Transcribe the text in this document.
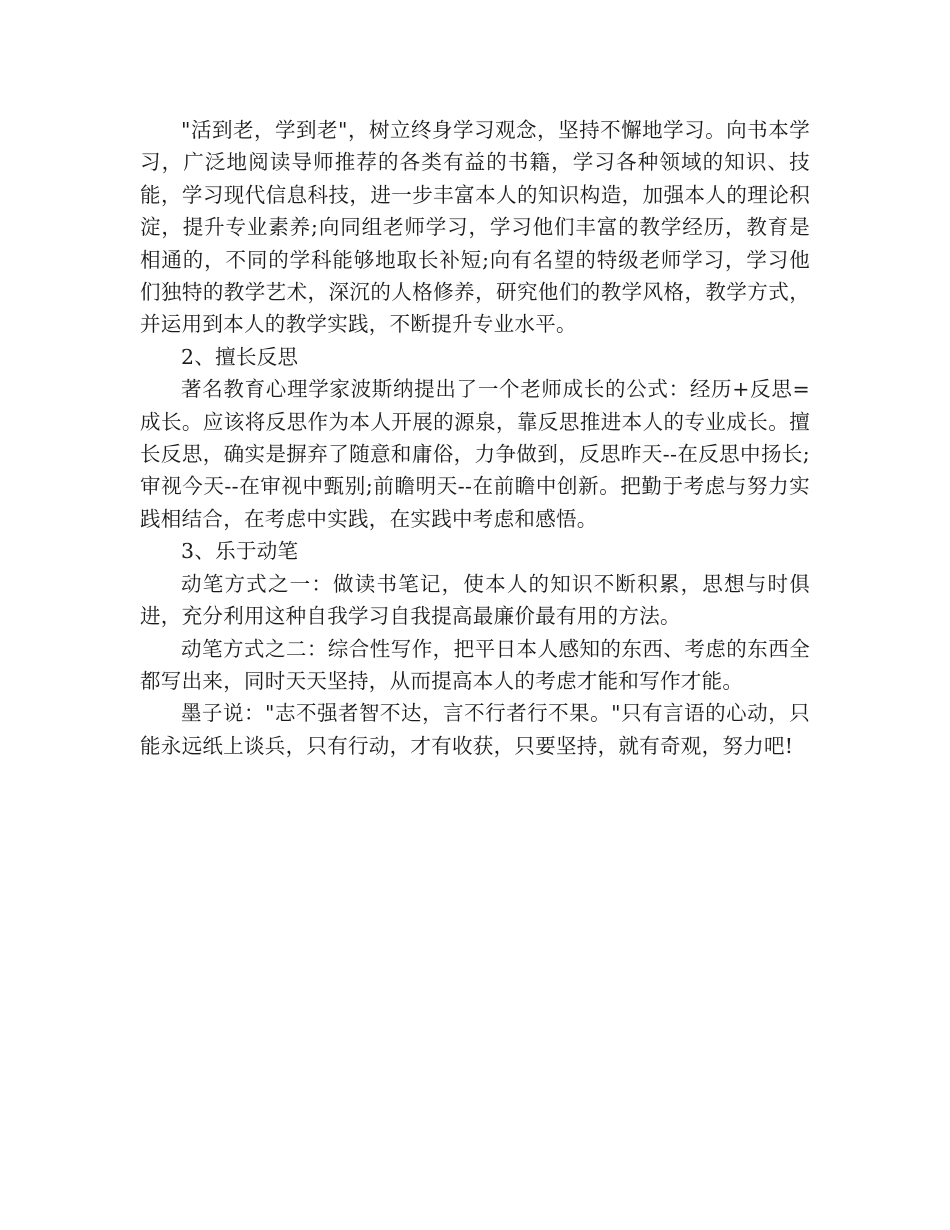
"活到老，学到老"，树立终身学习观念，坚持不懈地学习。向书本学习，广泛地阅读导师推荐的各类有益的书籍，学习各种领域的知识、技能，学习现代信息科技，进一步丰富本人的知识构造，加强本人的理论积淀，提升专业素养;向同组老师学习，学习他们丰富的教学经历，教育是相通的，不同的学科能够地取长补短;向有名望的特级老师学习，学习他们独特的教学艺术，深沉的人格修养，研究他们的教学风格，教学方式，并运用到本人的教学实践，不断提升专业水平。

2、擅长反思

著名教育心理学家波斯纳提出了一个老师成长的公式：经历+反思=成长。应该将反思作为本人开展的源泉，靠反思推进本人的专业成长。擅长反思，确实是摒弃了随意和庸俗，力争做到，反思昨天--在反思中扬长;审视今天--在审视中甄别;前瞻明天--在前瞻中创新。把勤于考虑与努力实践相结合，在考虑中实践，在实践中考虑和感悟。

3、乐于动笔

动笔方式之一：做读书笔记，使本人的知识不断积累，思想与时俱进，充分利用这种自我学习自我提高最廉价最有用的方法。

动笔方式之二：综合性写作，把平日本人感知的东西、考虑的东西全都写出来，同时天天坚持，从而提高本人的考虑才能和写作才能。

墨子说："志不强者智不达，言不行者行不果。"只有言语的心动，只能永远纸上谈兵，只有行动，才有收获，只要坚持，就有奇观，努力吧!
